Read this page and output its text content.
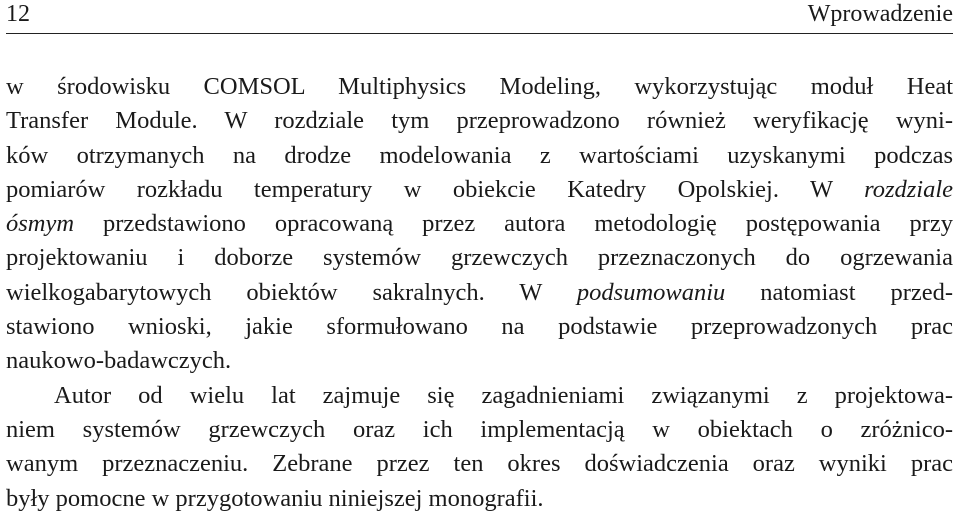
12	Wprowadzenie
w środowisku COMSOL Multiphysics Modeling, wykorzystując moduł Heat
Transfer Module. W rozdziale tym przeprowadzono również weryfikację wyni-
ków otrzymanych na drodze modelowania z wartościami uzyskanymi podczas
pomiarów rozkładu temperatury w obiekcie Katedry Opolskiej. W rozdziale
ósmym przedstawiono opracowaną przez autora metodologię postępowania przy
projektowaniu i doborze systemów grzewczych przeznaczonych do ogrzewania
wielkogabarytowych obiektów sakralnych. W podsumowaniu natomiast przed-
stawiono wnioski, jakie sformułowano na podstawie przeprowadzonych prac
naukowo-badawczych.
Autor od wielu lat zajmuje się zagadnieniami związanymi z projektowa-
niem systemów grzewczych oraz ich implementacją w obiektach o zróżnico-
wanym przeznaczeniu. Zebrane przez ten okres doświadczenia oraz wyniki prac
były pomocne w przygotowaniu niniejszej monografii.
